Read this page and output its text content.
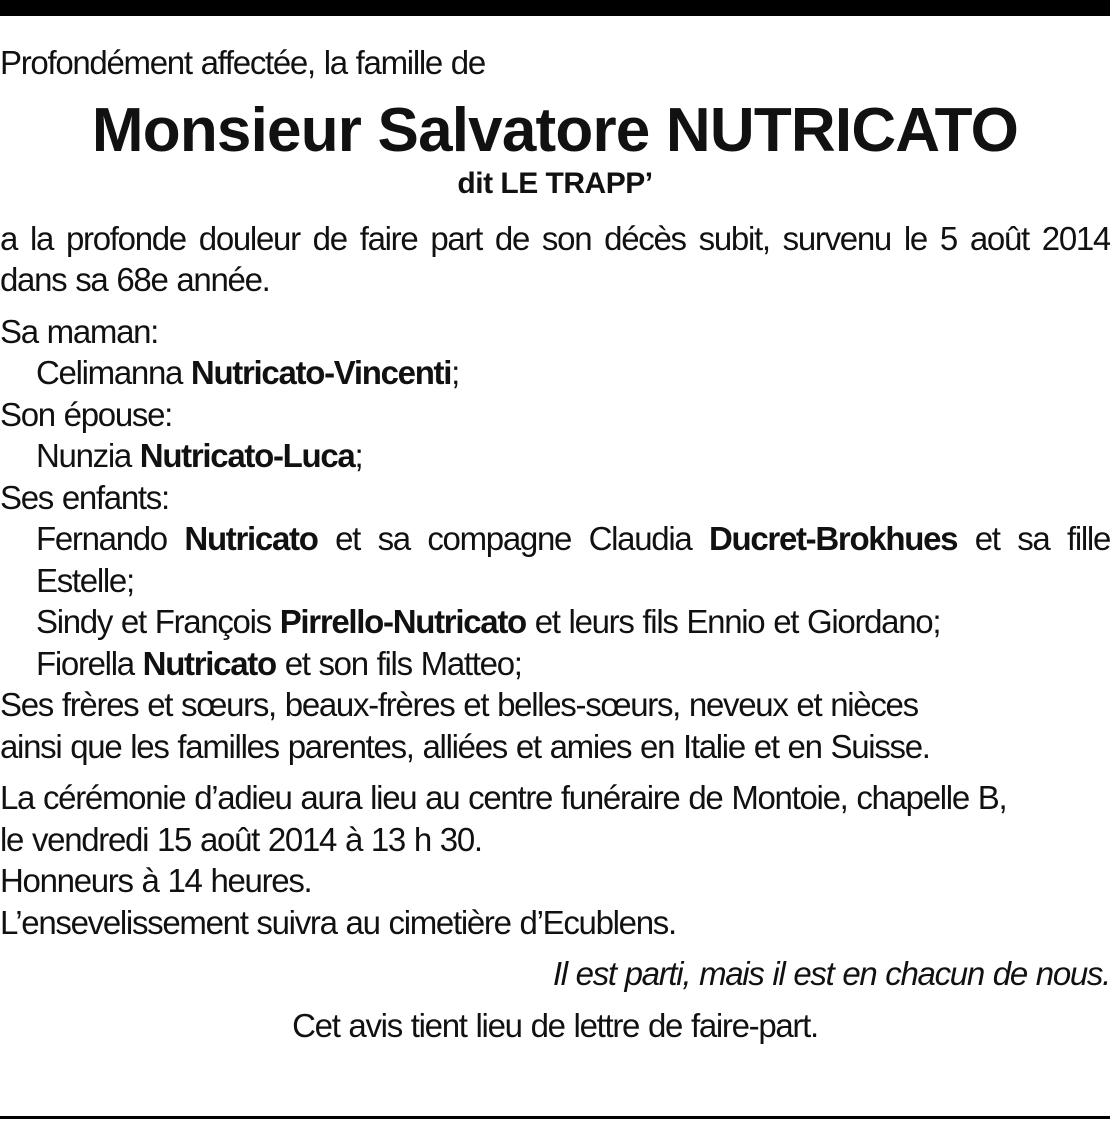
Profondément affectée, la famille de

Monsieur Salvatore NUTRICATO

dit LE TRAPP’

a la profonde douleur de faire part de son décès subit, survenu le 5 août 2014 dans sa 68e année.

Sa maman:

Celimanna Nutricato-Vincenti;

Son épouse:

Nunzia Nutricato-Luca;

Ses enfants:

Fernando Nutricato et sa compagne Claudia Ducret-Brokhues et sa fille Estelle;

Sindy et François Pirrello-Nutricato et leurs fils Ennio et Giordano;

Fiorella Nutricato et son fils Matteo;

Ses frères et sœurs, beaux-frères et belles-sœurs, neveux et nièces

ainsi que les familles parentes, alliées et amies en Italie et en Suisse.

La cérémonie d’adieu aura lieu au centre funéraire de Montoie, chapelle B,

le vendredi 15 août 2014 à 13 h 30.

Honneurs à 14 heures.

L’ensevelissement suivra au cimetière d’Ecublens.

Il est parti, mais il est en chacun de nous.

Cet avis tient lieu de lettre de faire-part.
